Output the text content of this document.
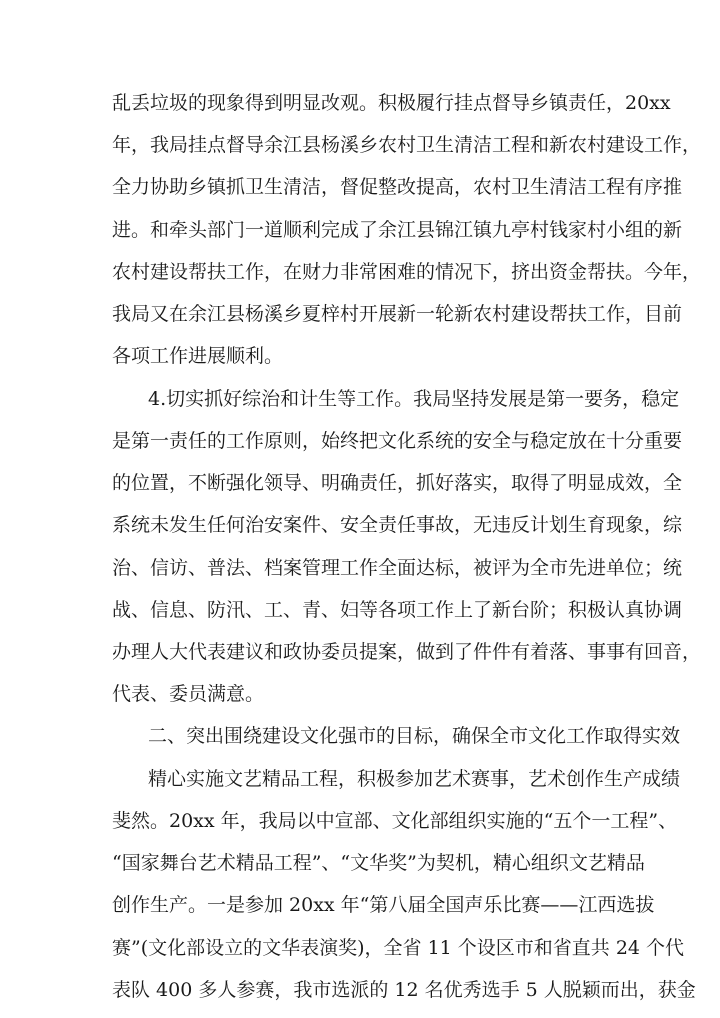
乱丢垃圾的现象得到明显改观。积极履行挂点督导乡镇责任，20xx

年，我局挂点督导余江县杨溪乡农村卫生清洁工程和新农村建设工作，

全力协助乡镇抓卫生清洁，督促整改提高，农村卫生清洁工程有序推

进。和牵头部门一道顺利完成了余江县锦江镇九亭村钱家村小组的新

农村建设帮扶工作，在财力非常困难的情况下，挤出资金帮扶。今年，

我局又在余江县杨溪乡夏梓村开展新一轮新农村建设帮扶工作，目前

各项工作进展顺利。

4.切实抓好综治和计生等工作。我局坚持发展是第一要务，稳定

是第一责任的工作原则，始终把文化系统的安全与稳定放在十分重要

的位置，不断强化领导、明确责任，抓好落实，取得了明显成效，全

系统未发生任何治安案件、安全责任事故，无违反计划生育现象，综

治、信访、普法、档案管理工作全面达标，被评为全市先进单位；统

战、信息、防汛、工、青、妇等各项工作上了新台阶；积极认真协调

办理人大代表建议和政协委员提案，做到了件件有着落、事事有回音，

代表、委员满意。

二、突出围绕建设文化强市的目标，确保全市文化工作取得实效

精心实施文艺精品工程，积极参加艺术赛事，艺术创作生产成绩

斐然。20xx 年，我局以中宣部、文化部组织实施的“五个一工程”、

“国家舞台艺术精品工程”、“文华奖”为契机，精心组织文艺精品

创作生产。一是参加 20xx 年“第八届全国声乐比赛——江西选拔

赛”(文化部设立的文华表演奖)，全省 11 个设区市和省直共 24 个代

表队 400 多人参赛，我市选派的 12 名优秀选手 5 人脱颖而出，获金
